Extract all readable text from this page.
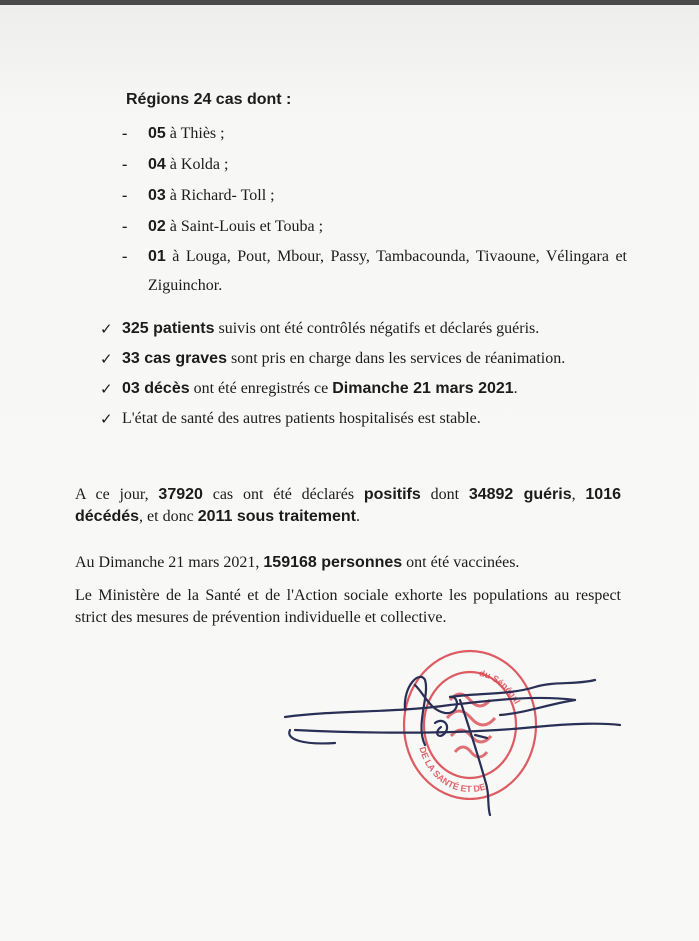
Régions 24 cas dont :
- 05 à Thiès ;
- 04 à Kolda ;
- 03 à Richard- Toll ;
- 02 à Saint-Louis et Touba ;
- 01 à Louga, Pout, Mbour, Passy, Tambacounda, Tivaoune, Vélingara et Ziguinchor.
✓ 325 patients suivis ont été contrôlés négatifs et déclarés guéris.
✓ 33 cas graves sont pris en charge dans les services de réanimation.
✓ 03 décès ont été enregistrés ce Dimanche 21 mars 2021.
✓ L'état de santé des autres patients hospitalisés est stable.
A ce jour, 37920 cas ont été déclarés positifs dont 34892 guéris, 1016 décédés, et donc 2011 sous traitement.
Au Dimanche 21 mars 2021, 159168 personnes ont été vaccinées.
Le Ministère de la Santé et de l'Action sociale exhorte les populations au respect strict des mesures de prévention individuelle et collective.
du Sénégal
DE LA SANTÉ ET DE
